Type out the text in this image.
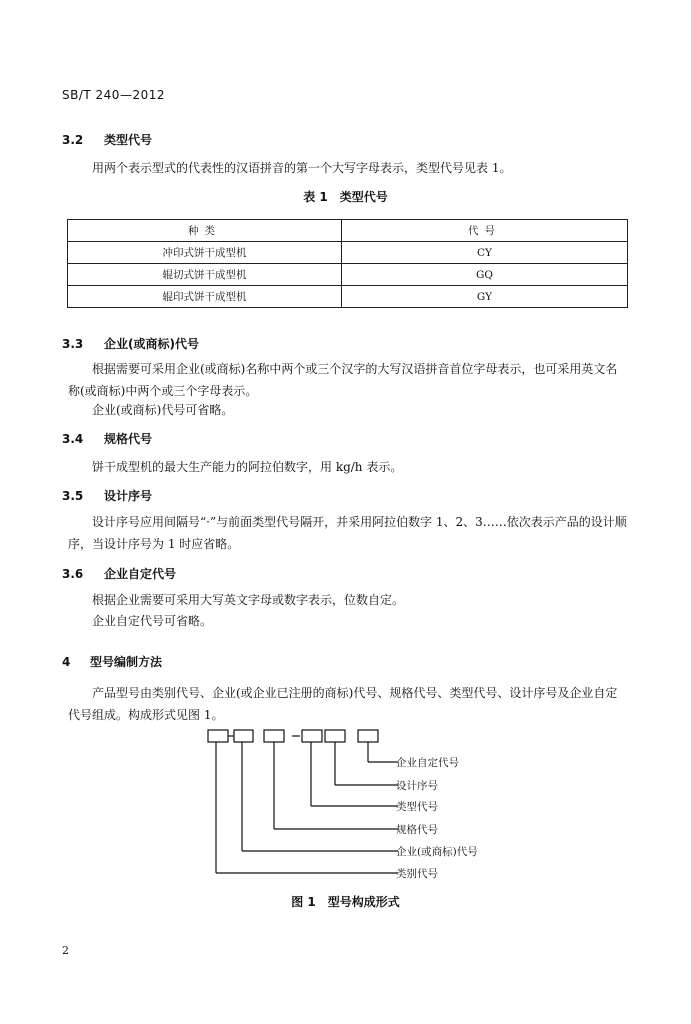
SB/T 240—2012
3.2 类型代号
用两个表示型式的代表性的汉语拼音的第一个大写字母表示，类型代号见表 1。
表 1　类型代号
种类	代号
冲印式饼干成型机	CY
辊切式饼干成型机	GQ
辊印式饼干成型机	GY
3.3 企业(或商标)代号
根据需要可采用企业(或商标)名称中两个或三个汉字的大写汉语拼音首位字母表示，也可采用英文名称(或商标)中两个或三个字母表示。
企业(或商标)代号可省略。
3.4 规格代号
饼干成型机的最大生产能力的阿拉伯数字，用 kg/h 表示。
3.5 设计序号
设计序号应用间隔号“·”与前面类型代号隔开，并采用阿拉伯数字 1、2、3……依次表示产品的设计顺序，当设计序号为 1 时应省略。
3.6 企业自定代号
根据企业需要可采用大写英文字母或数字表示，位数自定。
企业自定代号可省略。
4 型号编制方法
产品型号由类别代号、企业(或企业已注册的商标)代号、规格代号、类型代号、设计序号及企业自定代号组成。构成形式见图 1。
企业自定代号
设计序号
类型代号
规格代号
企业(或商标)代号
类别代号
图 1　型号构成形式
2
